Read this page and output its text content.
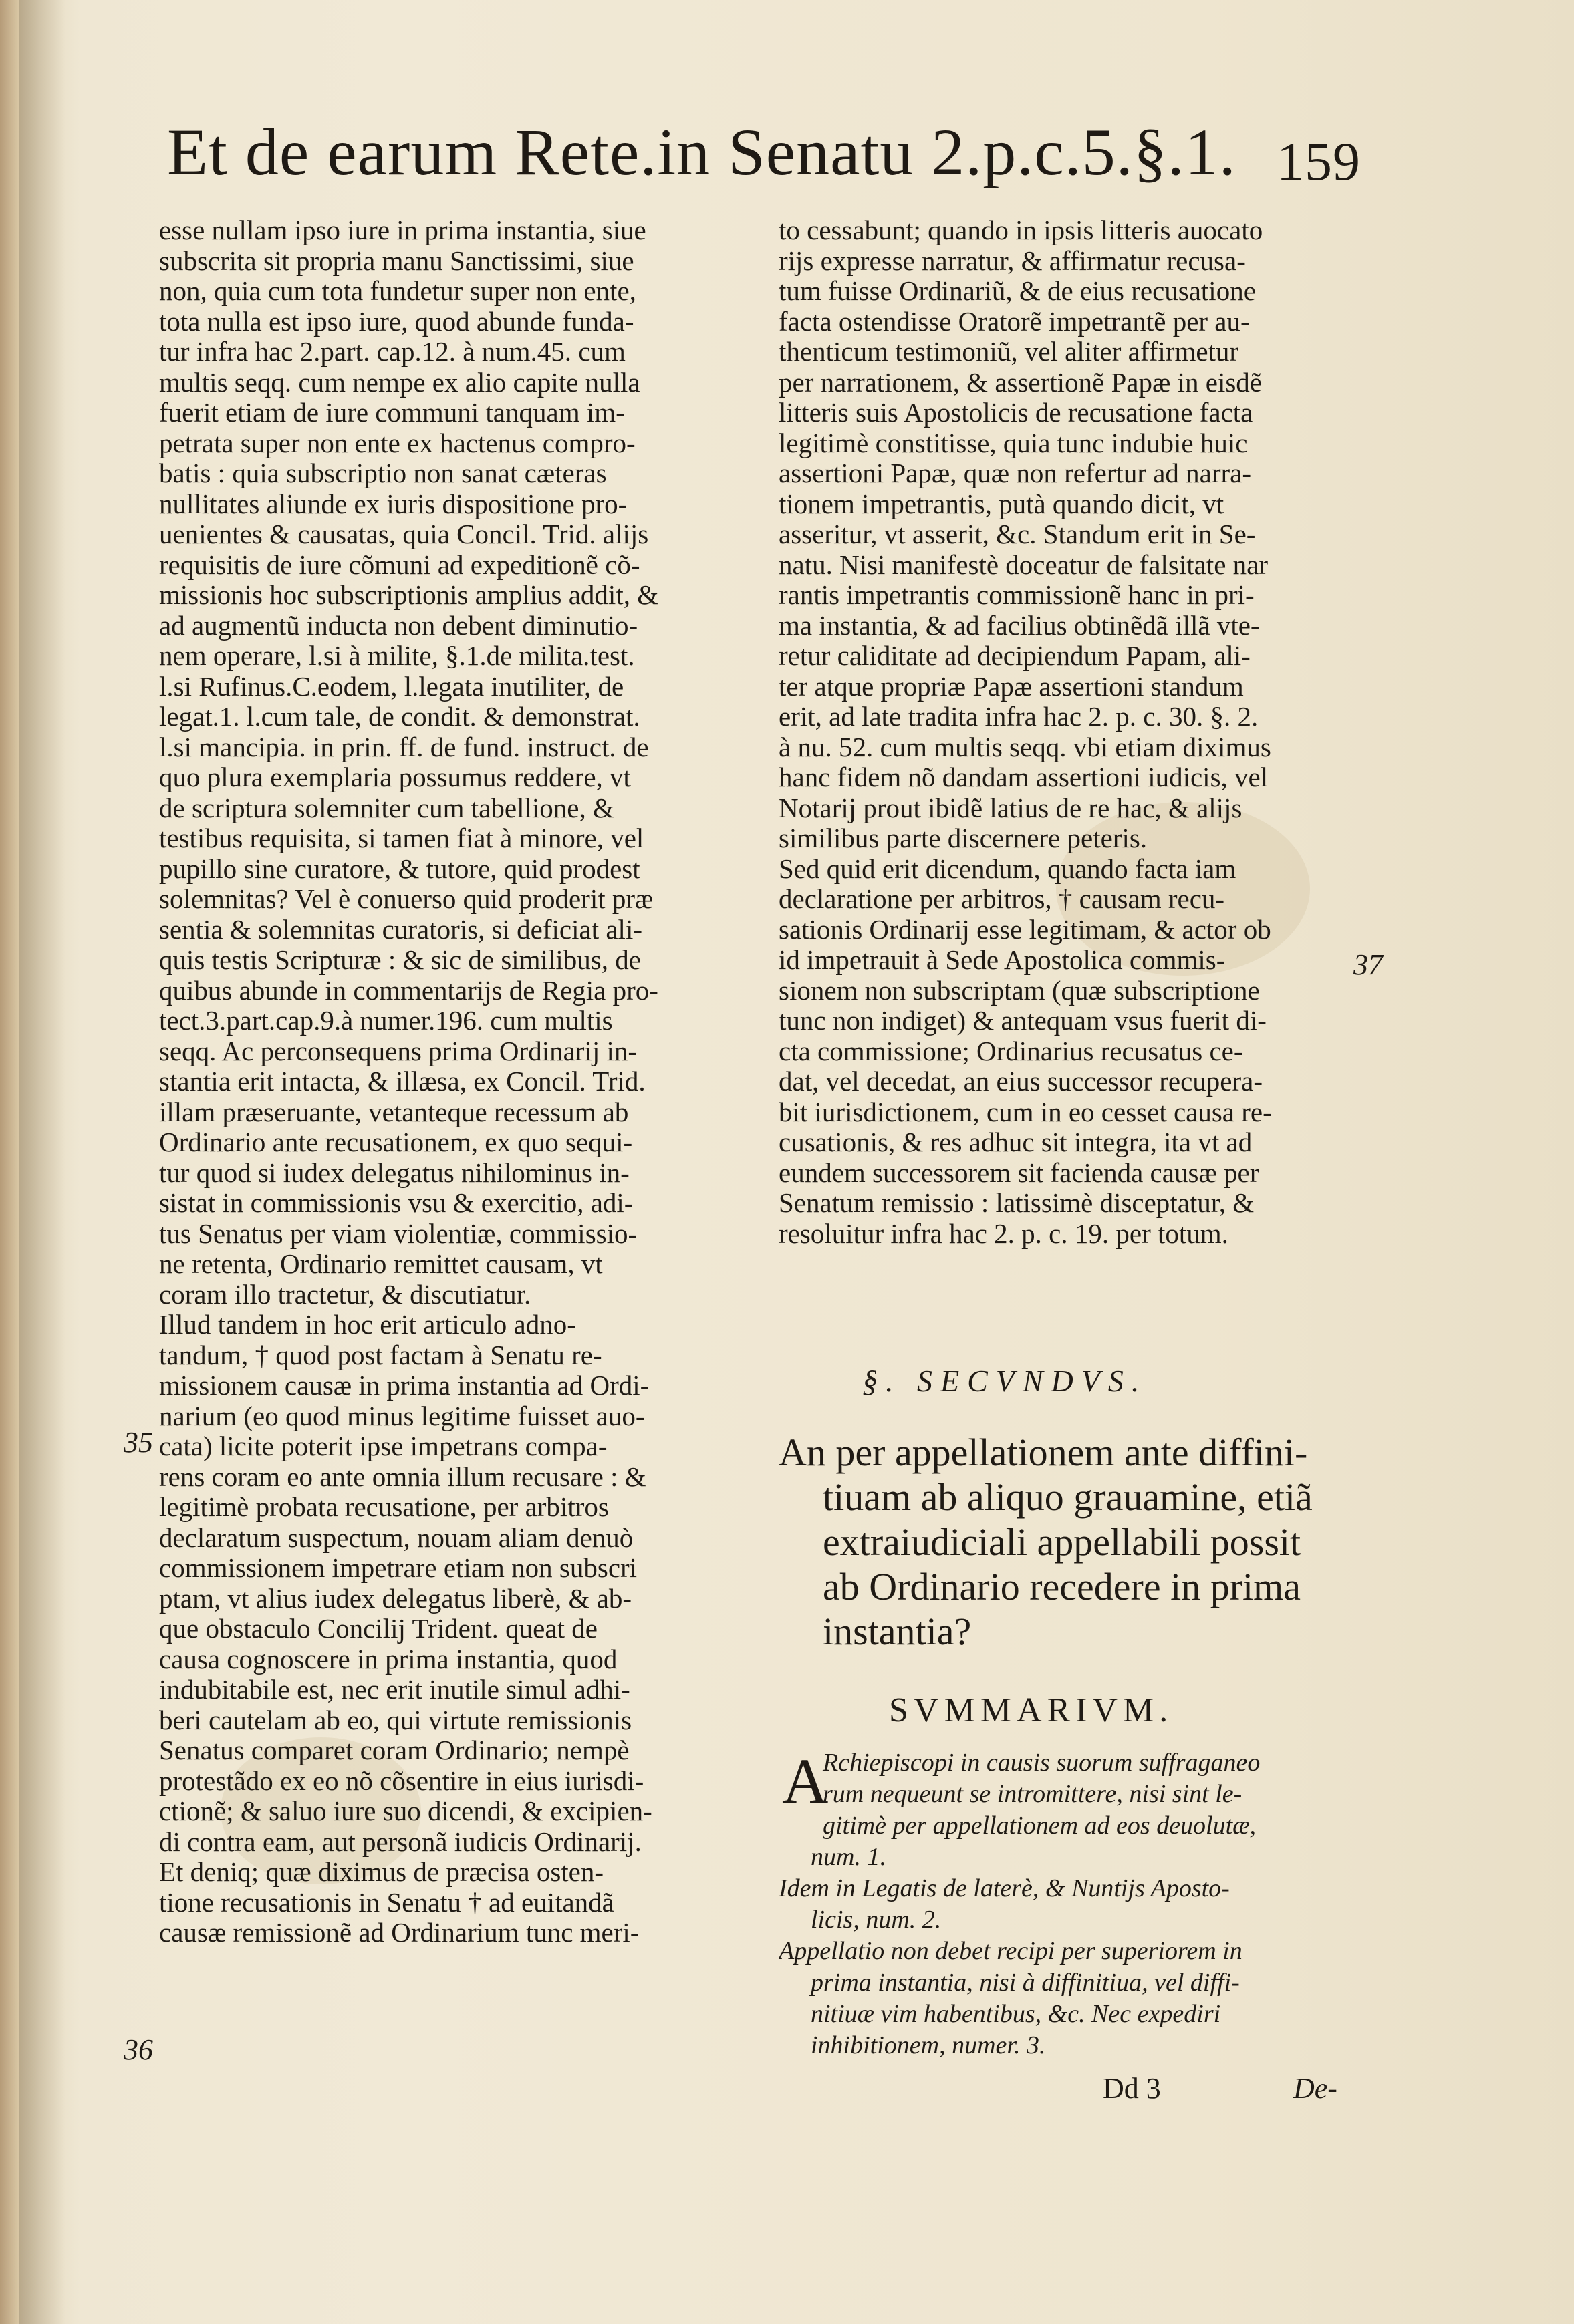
Et de earum Rete.in Senatu 2.p.c.5.§.1. 159
esse nullam ipso iure in prima instantia, siue
subscrita sit propria manu Sanctissimi, siue
non, quia cum tota fundetur super non ente,
tota nulla est ipso iure, quod abunde funda-
tur infra hac 2.part. cap.12. à num.45. cum
multis seqq. cum nempe ex alio capite nulla
fuerit etiam de iure communi tanquam im-
petrata super non ente ex hactenus compro-
batis : quia subscriptio non sanat cæteras
nullitates aliunde ex iuris dispositione pro-
uenientes & causatas, quia Concil. Trid. alijs
requisitis de iure cõmuni ad expeditionẽ cõ-
missionis hoc subscriptionis amplius addit, &
ad augmentũ inducta non debent diminutio-
nem operare, l.si à milite, §.1.de milita.test.
l.si Rufinus.C.eodem, l.legata inutiliter, de
legat.1. l.cum tale, de condit. & demonstrat.
l.si mancipia. in prin. ff. de fund. instruct. de
quo plura exemplaria possumus reddere, vt
de scriptura solemniter cum tabellione, &
testibus requisita, si tamen fiat à minore, vel
pupillo sine curatore, & tutore, quid prodest
solemnitas? Vel è conuerso quid proderit præ
sentia & solemnitas curatoris, si deficiat ali-
quis testis Scripturæ : & sic de similibus, de
quibus abunde in commentarijs de Regia pro-
tect.3.part.cap.9.à numer.196. cum multis
seqq. Ac perconsequens prima Ordinarij in-
stantia erit intacta, & illæsa, ex Concil. Trid.
illam præseruante, vetanteque recessum ab
Ordinario ante recusationem, ex quo sequi-
tur quod si iudex delegatus nihilominus in-
sistat in commissionis vsu & exercitio, adi-
tus Senatus per viam violentiæ, commissio-
ne retenta, Ordinario remittet causam, vt
coram illo tractetur, & discutiatur.
Illud tandem in hoc erit articulo adno-
tandum, † quod post factam à Senatu re-
missionem causæ in prima instantia ad Ordi-
narium (eo quod minus legitime fuisset auo-
cata) licite poterit ipse impetrans compa-
rens coram eo ante omnia illum recusare : &
legitimè probata recusatione, per arbitros
declaratum suspectum, nouam aliam denuò
commissionem impetrare etiam non subscri
ptam, vt alius iudex delegatus liberè, & ab-
que obstaculo Concilij Trident. queat de
causa cognoscere in prima instantia, quod
indubitabile est, nec erit inutile simul adhi-
beri cautelam ab eo, qui virtute remissionis
Senatus comparet coram Ordinario; nempè
protestãdo ex eo nõ cõsentire in eius iurisdi-
ctionẽ; & saluo iure suo dicendi, & excipien-
di contra eam, aut personã iudicis Ordinarij.
Et deniq; quæ diximus de præcisa osten-
tione recusationis in Senatu † ad euitandã
causæ remissionẽ ad Ordinarium tunc meri-
to cessabunt; quando in ipsis litteris auocato
rijs expresse narratur, & affirmatur recusa-
tum fuisse Ordinariũ, & de eius recusatione
facta ostendisse Oratorẽ impetrantẽ per au-
thenticum testimoniũ, vel aliter affirmetur
per narrationem, & assertionẽ Papæ in eisdẽ
litteris suis Apostolicis de recusatione facta
legitimè constitisse, quia tunc indubie huic
assertioni Papæ, quæ non refertur ad narra-
tionem impetrantis, putà quando dicit, vt
asseritur, vt asserit, &c. Standum erit in Se-
natu. Nisi manifestè doceatur de falsitate nar
rantis impetrantis commissionẽ hanc in pri-
ma instantia, & ad facilius obtinẽdã illã vte-
retur caliditate ad decipiendum Papam, ali-
ter atque propriæ Papæ assertioni standum
erit, ad late tradita infra hac 2. p. c. 30. §. 2.
à nu. 52. cum multis seqq. vbi etiam diximus
hanc fidem nõ dandam assertioni iudicis, vel
Notarij prout ibidẽ latius de re hac, & alijs
similibus parte discernere peteris.
Sed quid erit dicendum, quando facta iam
declaratione per arbitros, † causam recu-
sationis Ordinarij esse legitimam, & actor ob
id impetrauit à Sede Apostolica commis-
sionem non subscriptam (quæ subscriptione
tunc non indiget) & antequam vsus fuerit di-
cta commissione; Ordinarius recusatus ce-
dat, vel decedat, an eius successor recupera-
bit iurisdictionem, cum in eo cesset causa re-
cusationis, & res adhuc sit integra, ita vt ad
eundem successorem sit facienda causæ per
Senatum remissio : latissimè disceptatur, &
resoluitur infra hac 2. p. c. 19. per totum.
35
36
37
§. SECVNDVS.
An per appellationem ante diffini-
tiuam ab aliquo grauamine, etiã
extraiudiciali appellabili possit
ab Ordinario recedere in prima
instantia?
SVMMARIVM.
A
Rchiepiscopi in causis suorum suffraganeo
rum nequeunt se intromittere, nisi sint le-
gitimè per appellationem ad eos deuolutæ,
num. 1.
Idem in Legatis de laterè, & Nuntijs Aposto-
licis, num. 2.
Appellatio non debet recipi per superiorem in
prima instantia, nisi à diffinitiua, vel diffi-
nitiuæ vim habentibus, &c. Nec expediri
inhibitionem, numer. 3.
Dd 3	De-
